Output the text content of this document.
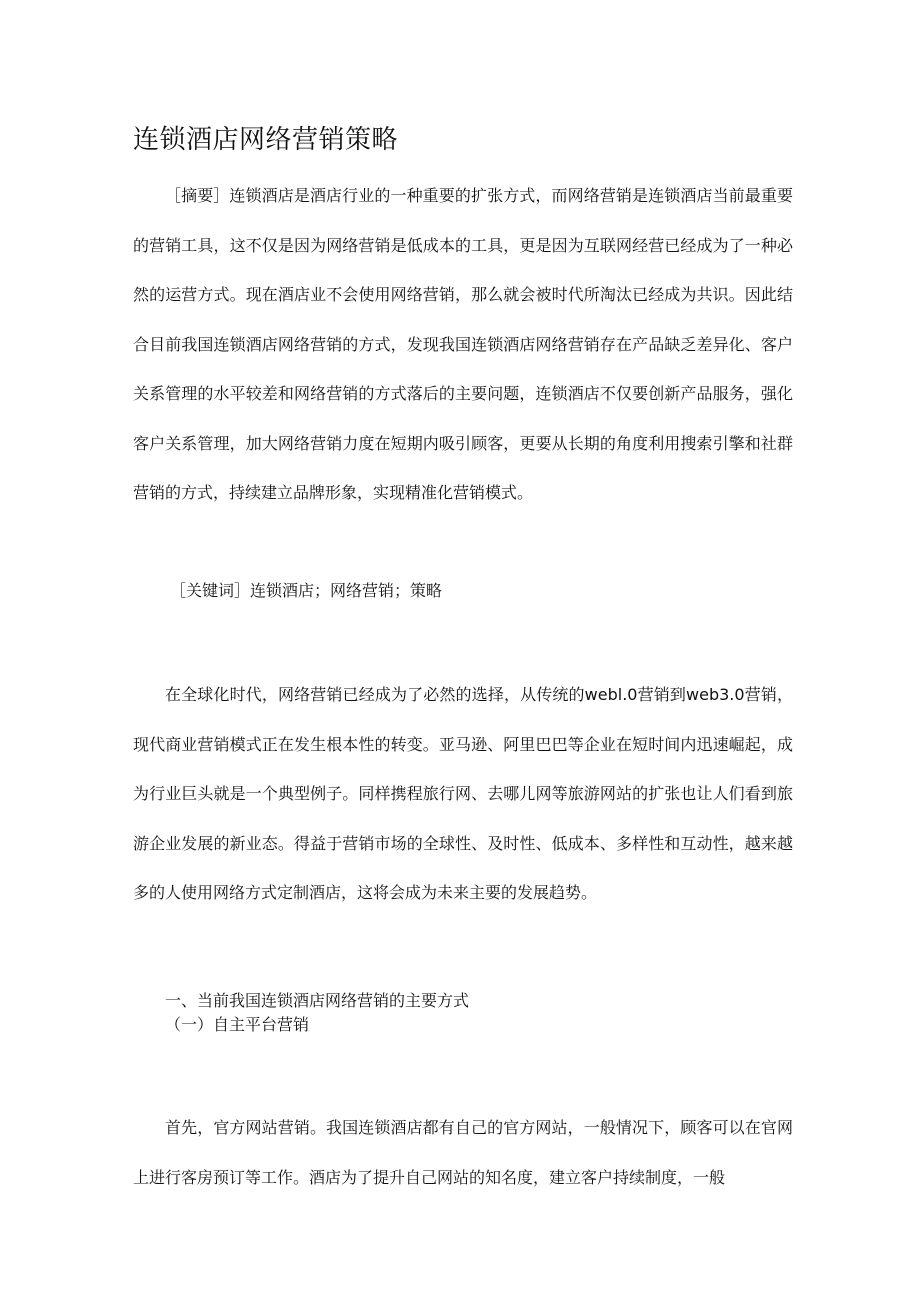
连锁酒店网络营销策略

［摘要］连锁酒店是酒店行业的一种重要的扩张方式，而网络营销是连锁酒店当前最重要的营销工具，这不仅是因为网络营销是低成本的工具，更是因为互联网经营已经成为了一种必然的运营方式。现在酒店业不会使用网络营销，那么就会被时代所淘汰已经成为共识。因此结合目前我国连锁酒店网络营销的方式，发现我国连锁酒店网络营销存在产品缺乏差异化、客户关系管理的水平较差和网络营销的方式落后的主要问题，连锁酒店不仅要创新产品服务，强化客户关系管理，加大网络营销力度在短期内吸引顾客，更要从长期的角度利用搜索引擎和社群营销的方式，持续建立品牌形象，实现精准化营销模式。

［关键词］连锁酒店；网络营销；策略

在全球化时代，网络营销已经成为了必然的选择，从传统的webl.0营销到web3.0营销，现代商业营销模式正在发生根本性的转变。亚马逊、阿里巴巴等企业在短时间内迅速崛起，成为行业巨头就是一个典型例子。同样携程旅行网、去哪儿网等旅游网站的扩张也让人们看到旅游企业发展的新业态。得益于营销市场的全球性、及时性、低成本、多样性和互动性，越来越多的人使用网络方式定制酒店，这将会成为未来主要的发展趋势。

一、当前我国连锁酒店网络营销的主要方式
（一）自主平台营销

首先，官方网站营销。我国连锁酒店都有自己的官方网站，一般情况下，顾客可以在官网上进行客房预订等工作。酒店为了提升自己网站的知名度，建立客户持续制度，一般
